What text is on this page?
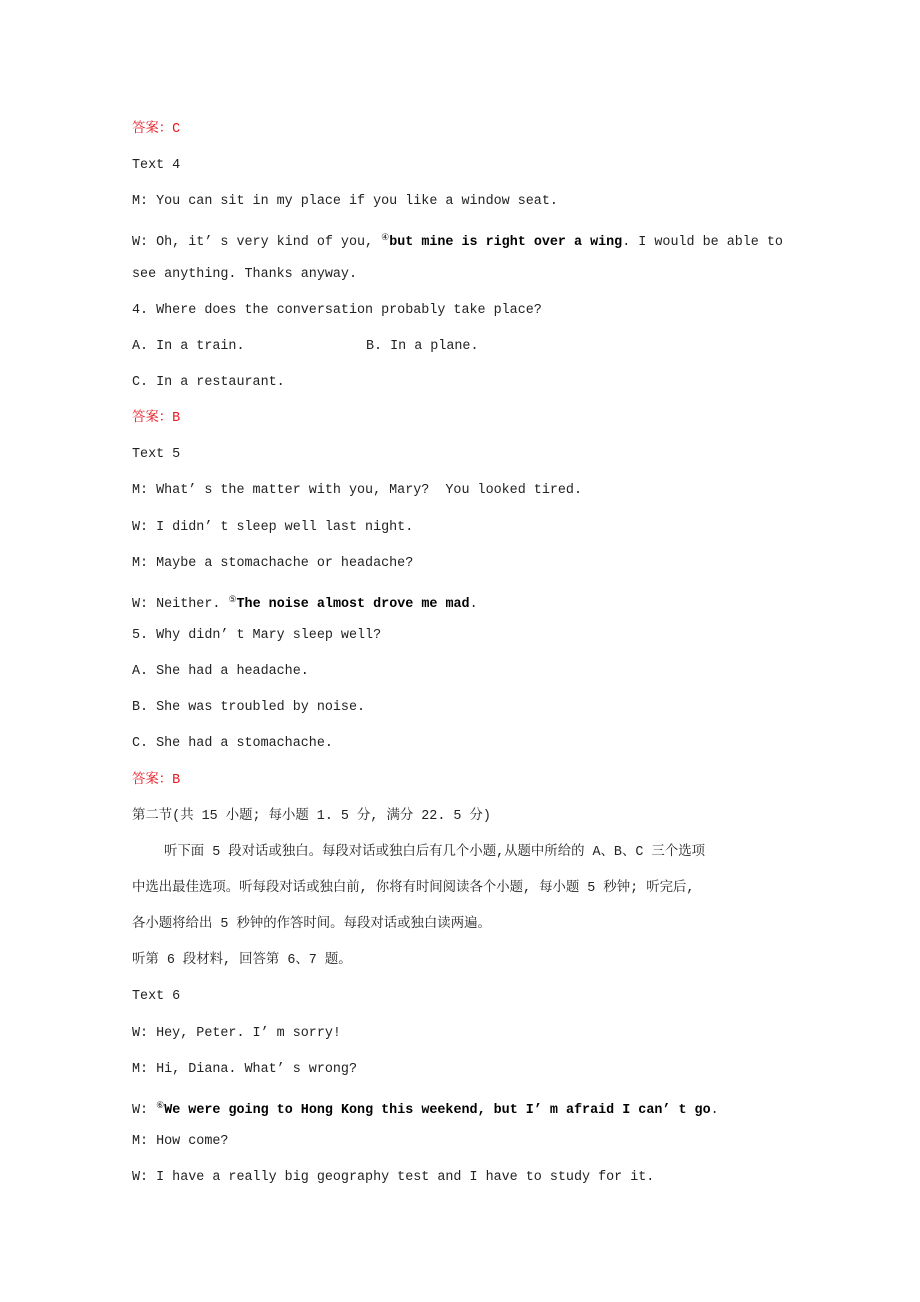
答案：C
Text 4
M: You can sit in my place if you like a window seat.
W: Oh, it’ s very kind of you, ④but mine is right over a wing. I would be able to
see anything. Thanks anyway.
4. Where does the conversation probably take place?
A. In a train.	B. In a plane.
C. In a restaurant.
答案：B
Text 5
M: What’ s the matter with you, Mary?  You looked tired.
W: I didn’ t sleep well last night.
M: Maybe a stomachache or headache?
W: Neither. ⑤The noise almost drove me mad.
5. Why didn’ t Mary sleep well?
A. She had a headache.
B. She was troubled by noise.
C. She had a stomachache.
答案：B
第二节(共 15 小题; 每小题 1. 5 分, 满分 22. 5 分)
听下面 5 段对话或独白。每段对话或独白后有几个小题,从题中所给的 A、B、C 三个选项
中选出最佳选项。听每段对话或独白前, 你将有时间阅读各个小题, 每小题 5 秒钟; 听完后,
各小题将给出 5 秒钟的作答时间。每段对话或独白读两遍。
听第 6 段材料, 回答第 6、7 题。
Text 6
W: Hey, Peter. I’ m sorry!
M: Hi, Diana. What’ s wrong?
W: ⑥We were going to Hong Kong this weekend, but I’ m afraid I can’ t go.
M: How come?
W: I have a really big geography test and I have to study for it.
